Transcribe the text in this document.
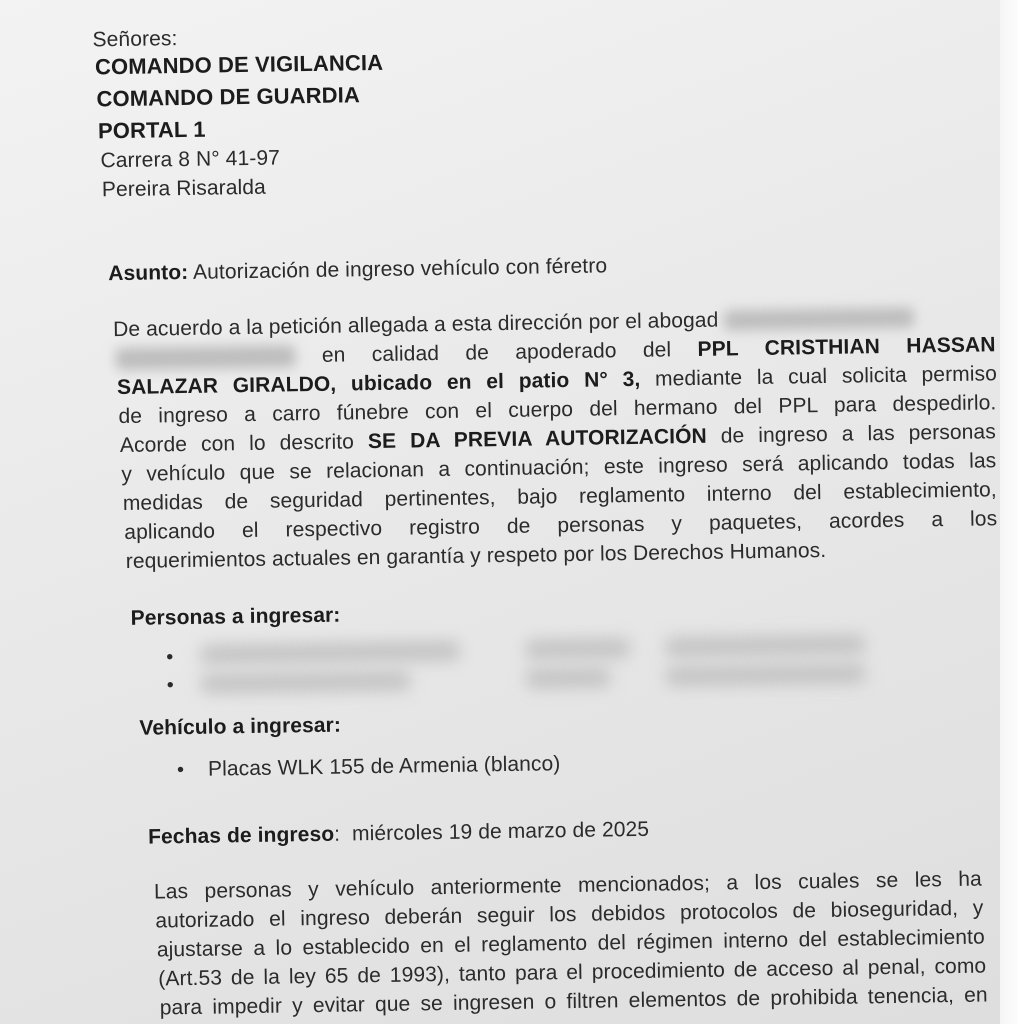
Señores:
COMANDO DE VIGILANCIA
COMANDO DE GUARDIA
PORTAL 1
Carrera 8 N° 41-97
Pereira Risaralda
Asunto: Autorización de ingreso vehículo con féretro
De acuerdo a la petición allegada a esta dirección por el abogad
en calidad de apoderado del PPL CRISTHIAN HASSAN
SALAZAR GIRALDO, ubicado en el patio N° 3, mediante la cual solicita permiso
de ingreso a carro fúnebre con el cuerpo del hermano del PPL para despedirlo.
Acorde con lo descrito SE DA PREVIA AUTORIZACIÓN de ingreso a las personas
y vehículo que se relacionan a continuación; este ingreso será aplicando todas las
medidas de seguridad pertinentes, bajo reglamento interno del establecimiento,
aplicando el respectivo registro de personas y paquetes, acordes a los
requerimientos actuales en garantía y respeto por los Derechos Humanos.
Personas a ingresar:
•
•
Vehículo a ingresar:
• Placas WLK 155 de Armenia (blanco)
Fechas de ingreso: miércoles 19 de marzo de 2025
Las personas y vehículo anteriormente mencionados; a los cuales se les ha
autorizado el ingreso deberán seguir los debidos protocolos de bioseguridad, y
ajustarse a lo establecido en el reglamento del régimen interno del establecimiento
(Art.53 de la ley 65 de 1993), tanto para el procedimiento de acceso al penal, como
para impedir y evitar que se ingresen o filtren elementos de prohibida tenencia, en
